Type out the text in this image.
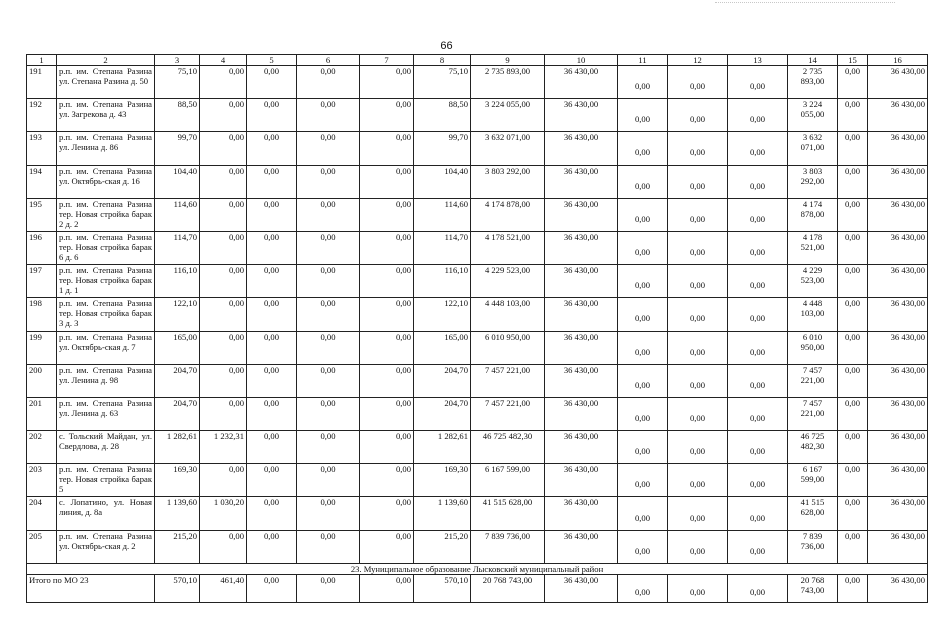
66
1	2	3	4	5	6	7	8	9	10	11	12	13	14	15	16
191	р.п. им. Степана Разина ул. Степана Разина д. 50	75,10	0,00	0,00	0,00	0,00	75,10	2 735 893,00	36 430,00	0,00	0,00	0,00	2 735 893,00	0,00	36 430,00
192	р.п. им. Степана Разина ул. Загрекова д. 43	88,50	0,00	0,00	0,00	0,00	88,50	3 224 055,00	36 430,00	0,00	0,00	0,00	3 224 055,00	0,00	36 430,00
193	р.п. им. Степана Разина ул. Ленина д. 86	99,70	0,00	0,00	0,00	0,00	99,70	3 632 071,00	36 430,00	0,00	0,00	0,00	3 632 071,00	0,00	36 430,00
194	р.п. им. Степана Разина ул. Октябрь-ская д. 16	104,40	0,00	0,00	0,00	0,00	104,40	3 803 292,00	36 430,00	0,00	0,00	0,00	3 803 292,00	0,00	36 430,00
195	р.п. им. Степана Разина тер. Новая стройка барак 2 д. 2	114,60	0,00	0,00	0,00	0,00	114,60	4 174 878,00	36 430,00	0,00	0,00	0,00	4 174 878,00	0,00	36 430,00
196	р.п. им. Степана Разина тер. Новая стройка барак 6 д. 6	114,70	0,00	0,00	0,00	0,00	114,70	4 178 521,00	36 430,00	0,00	0,00	0,00	4 178 521,00	0,00	36 430,00
197	р.п. им. Степана Разина тер. Новая стройка барак 1 д. 1	116,10	0,00	0,00	0,00	0,00	116,10	4 229 523,00	36 430,00	0,00	0,00	0,00	4 229 523,00	0,00	36 430,00
198	р.п. им. Степана Разина тер. Новая стройка барак 3 д. 3	122,10	0,00	0,00	0,00	0,00	122,10	4 448 103,00	36 430,00	0,00	0,00	0,00	4 448 103,00	0,00	36 430,00
199	р.п. им. Степана Разина ул. Октябрь-ская д. 7	165,00	0,00	0,00	0,00	0,00	165,00	6 010 950,00	36 430,00	0,00	0,00	0,00	6 010 950,00	0,00	36 430,00
200	р.п. им. Степана Разина ул. Ленина д. 98	204,70	0,00	0,00	0,00	0,00	204,70	7 457 221,00	36 430,00	0,00	0,00	0,00	7 457 221,00	0,00	36 430,00
201	р.п. им. Степана Разина ул. Ленина д. 63	204,70	0,00	0,00	0,00	0,00	204,70	7 457 221,00	36 430,00	0,00	0,00	0,00	7 457 221,00	0,00	36 430,00
202	с. Тольский Майдан, ул. Свердлова, д. 28	1 282,61	1 232,31	0,00	0,00	0,00	1 282,61	46 725 482,30	36 430,00	0,00	0,00	0,00	46 725 482,30	0,00	36 430,00
203	р.п. им. Степана Разина тер. Новая стройка барак 5	169,30	0,00	0,00	0,00	0,00	169,30	6 167 599,00	36 430,00	0,00	0,00	0,00	6 167 599,00	0,00	36 430,00
204	с. Лопатино, ул. Новая линия, д. 8а	1 139,60	1 030,20	0,00	0,00	0,00	1 139,60	41 515 628,00	36 430,00	0,00	0,00	0,00	41 515 628,00	0,00	36 430,00
205	р.п. им. Степана Разина ул. Октябрь-ская д. 2	215,20	0,00	0,00	0,00	0,00	215,20	7 839 736,00	36 430,00	0,00	0,00	0,00	7 839 736,00	0,00	36 430,00
23. Муниципальное образование Лысковский муниципальный район															
Итого по МО 23		570,10	461,40	0,00	0,00	0,00	570,10	20 768 743,00	36 430,00	0,00	0,00	0,00	20 768 743,00	0,00	36 430,00
